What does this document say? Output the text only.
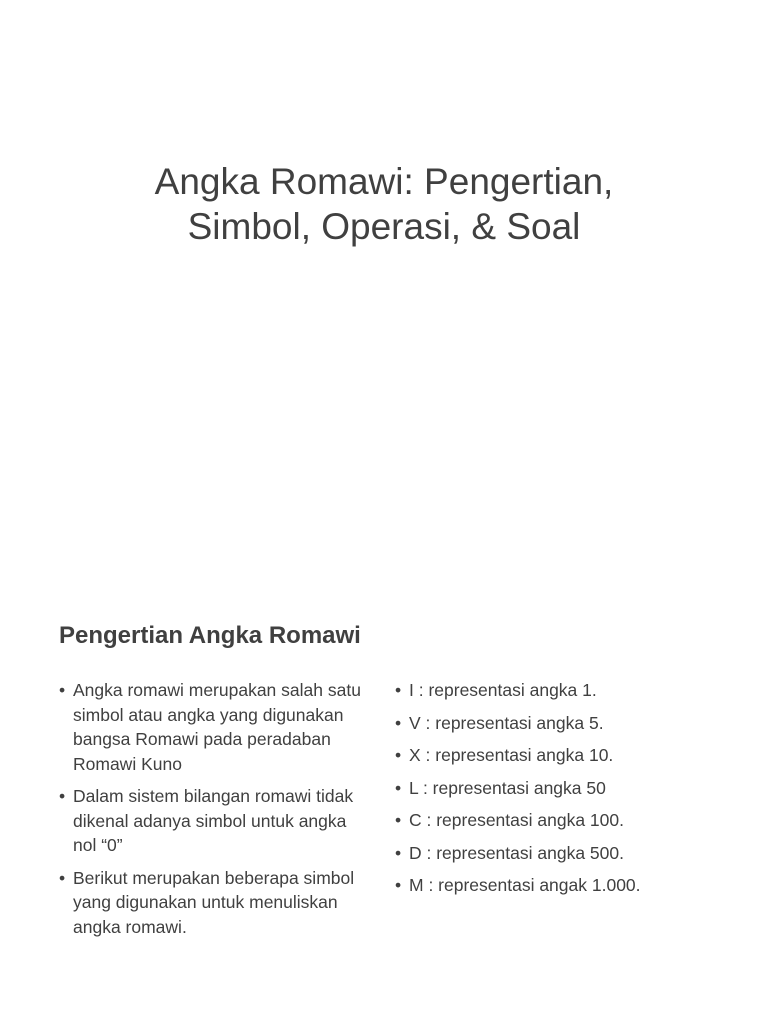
Angka Romawi: Pengertian,
Simbol, Operasi, & Soal
Pengertian Angka Romawi
• Angka romawi merupakan salah satu simbol atau angka yang digunakan bangsa Romawi pada peradaban Romawi Kuno
• Dalam sistem bilangan romawi tidak dikenal adanya simbol untuk angka nol “0”
• Berikut merupakan beberapa simbol yang digunakan untuk menuliskan angka romawi.
• I : representasi angka 1.
• V : representasi angka 5.
• X : representasi angka 10.
• L : representasi angka 50
• C : representasi angka 100.
• D : representasi angka 500.
• M : representasi angak 1.000.
